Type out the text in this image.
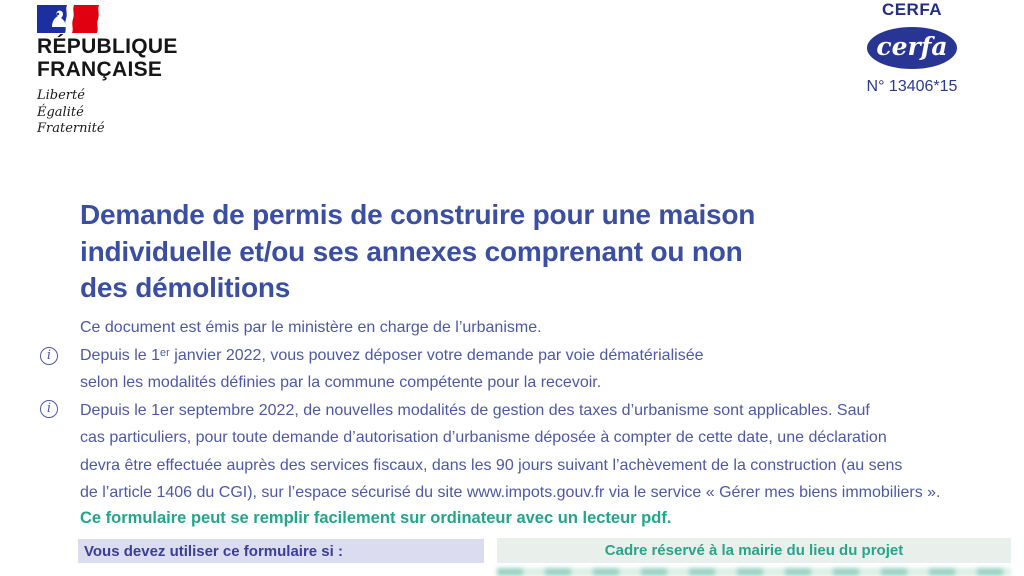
RÉPUBLIQUE
FRANÇAISE
Liberté
Égalité
Fraternité
CERFA
cerfa
N° 13406*15
Demande de permis de construire pour une maison
individuelle et/ou ses annexes comprenant ou non
des démolitions
i
i
Ce document est émis par le ministère en charge de l’urbanisme.
Depuis le 1ᵉʳ janvier 2022, vous pouvez déposer votre demande par voie dématérialisée
selon les modalités définies par la commune compétente pour la recevoir.
Depuis le 1er septembre 2022, de nouvelles modalités de gestion des taxes d’urbanisme sont applicables. Sauf
cas particuliers, pour toute demande d’autorisation d’urbanisme déposée à compter de cette date, une déclaration
devra être effectuée auprès des services fiscaux, dans les 90 jours suivant l’achèvement de la construction (au sens
de l’article 1406 du CGI), sur l’espace sécurisé du site www.impots.gouv.fr via le service « Gérer mes biens immobiliers ».
Ce formulaire peut se remplir facilement sur ordinateur avec un lecteur pdf.
Vous devez utiliser ce formulaire si :	Cadre réservé à la mairie du lieu du projet
